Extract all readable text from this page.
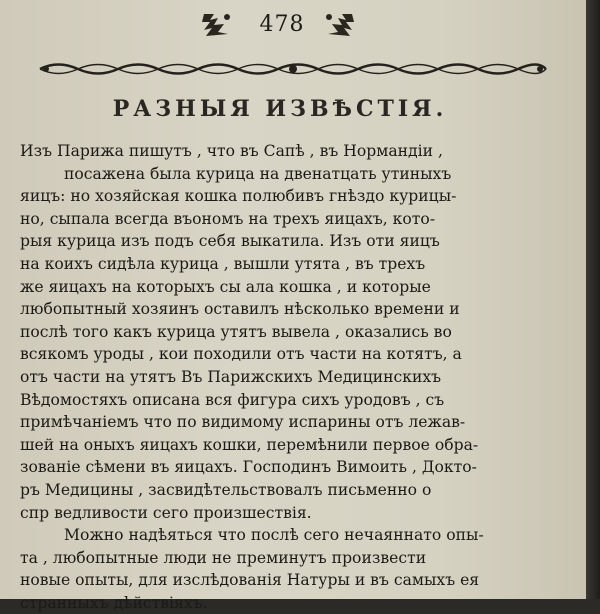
478
РАЗНЫЯ ИЗВѢСТІЯ.
Изъ Парижа пишутъ , что въ Сапѣ , въ Нормандіи ,
посажена была курица на двенатцать утиныхъ
яицъ: но хозяйская кошка полюбивъ гнѣздо курицы-
но, сыпала всегда въономъ на трехъ яицахъ, кото-
рыя курица изъ подъ себя выкатила. Изъ оти яицъ
на коихъ сидѣла курица , вышли утята , въ трехъ
же яицахъ на которыхъ сы ала кошка , и которые
любопытный хозяинъ оставилъ нѣсколько времени и
послѣ того какъ курица утятъ вывела , оказались во
всякомъ уроды , кои походили отъ части на котятъ, а
отъ части на утятъ Въ Парижскихъ Медицинскихъ
Вѣдомостяхъ описана вся фигура сихъ уродовъ , съ
примѣчаніемъ что по видимому испарины отъ лежав-
шей на оныхъ яицахъ кошки, перемѣнили первое обра-
зованіе сѣмени въ яицахъ. Господинъ Вимоить , Докто-
ръ Медицины , засвидѣтельствовалъ письменно о
спр ведливости сего произшествія.
Можно надѣяться что послѣ сего нечаяннато опы-
та , любопытные люди не преминутъ произвести
новые опыты, для изслѣдованія Натуры и въ самыхъ ея
странныхъ дѣйствіяхъ.
